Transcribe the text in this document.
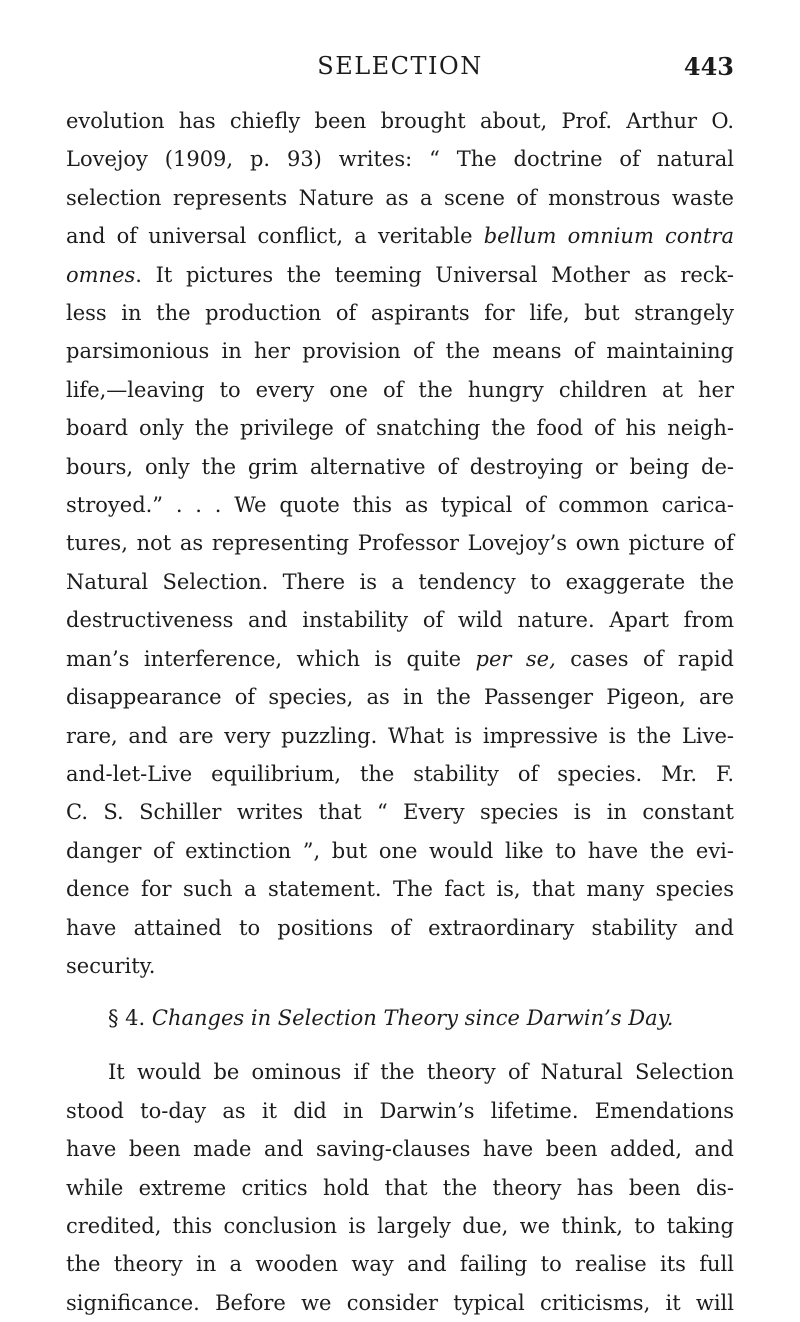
SELECTION	443
evolution has chiefly been brought about, Prof. Arthur O.
Lovejoy (1909, p. 93) writes: “ The doctrine of natural
selection represents Nature as a scene of monstrous waste
and of universal conflict, a veritable bellum omnium contra
omnes. It pictures the teeming Universal Mother as reck-
less in the production of aspirants for life, but strangely
parsimonious in her provision of the means of maintaining
life,—leaving to every one of the hungry children at her
board only the privilege of snatching the food of his neigh-
bours, only the grim alternative of destroying or being de-
stroyed.” . . . We quote this as typical of common carica-
tures, not as representing Professor Lovejoy’s own picture of
Natural Selection. There is a tendency to exaggerate the
destructiveness and instability of wild nature. Apart from
man’s interference, which is quite per se, cases of rapid
disappearance of species, as in the Passenger Pigeon, are
rare, and are very puzzling. What is impressive is the Live-
and-let-Live equilibrium, the stability of species. Mr. F.
C. S. Schiller writes that “ Every species is in constant
danger of extinction ”, but one would like to have the evi-
dence for such a statement. The fact is, that many species
have attained to positions of extraordinary stability and
security.
§ 4. Changes in Selection Theory since Darwin’s Day.
It would be ominous if the theory of Natural Selection
stood to-day as it did in Darwin’s lifetime. Emendations
have been made and saving-clauses have been added, and
while extreme critics hold that the theory has been dis-
credited, this conclusion is largely due, we think, to taking
the theory in a wooden way and failing to realise its full
significance. Before we consider typical criticisms, it will
